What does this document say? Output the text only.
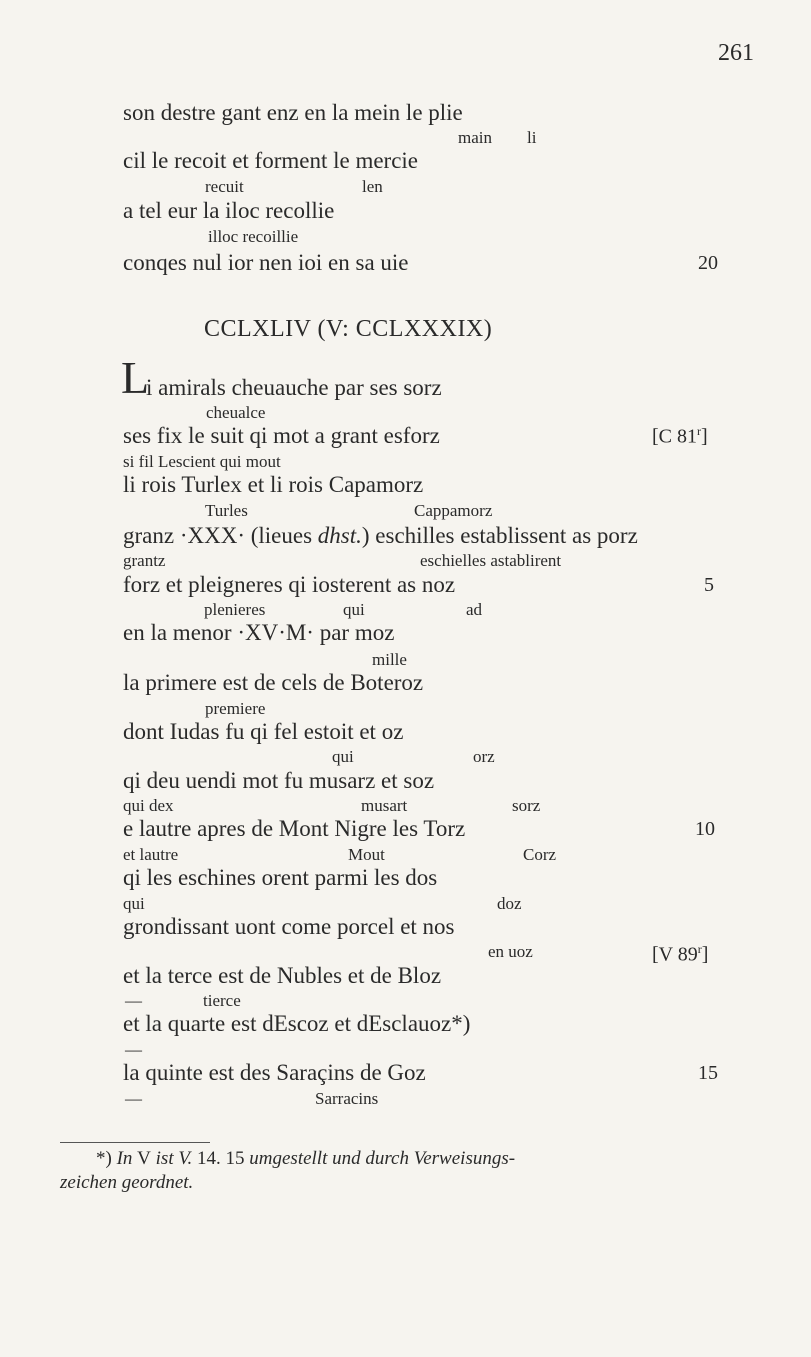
261
son destre gant enz en la mein le plie
main li
cil le recoit et forment le mercie
recuit	len
a tel eur la iloc recollie
illoc recoillie
conqes nul ior nen ioi en sa uie	20
CCLXLIV (V: CCLXXXIX)
L
i amirals cheuauche par ses sorz
cheualce
ses fix le suit qi mot a grant esforz	[C 81$^r$]
si fil Lescient qui mout
li rois Turlex et li rois Capamorz
Turles	Cappamorz
granz ·XXX· (lieues dhst.) eschilles establissent as porz
grantz	eschielles astablirent
forz et pleigneres qi iosterent as noz	5
plenieres	qui	ad
en la menor ·XV·M· par moz
mille
la primere est de cels de Boteroz
premiere
dont Iudas fu qi fel estoit et oz
qui	orz
qi deu uendi mot fu musarz et soz
qui dex	musart	sorz
e lautre apres de Mont Nigre les Torz	10
et lautre	Mout	Corz
qi les eschines orent parmi les dos
qui	doz
grondissant uont come porcel et nos
en uoz	[V 89$^r$]
et la terce est de Nubles et de Bloz
—	tierce
et la quarte est dEscoz et dEsclauoz*)
—
la quinte est des Saraçins de Goz	15
—	Sarracins
*) In V ist V. 14. 15 umgestellt und durch Verweisungs-
zeichen geordnet.
